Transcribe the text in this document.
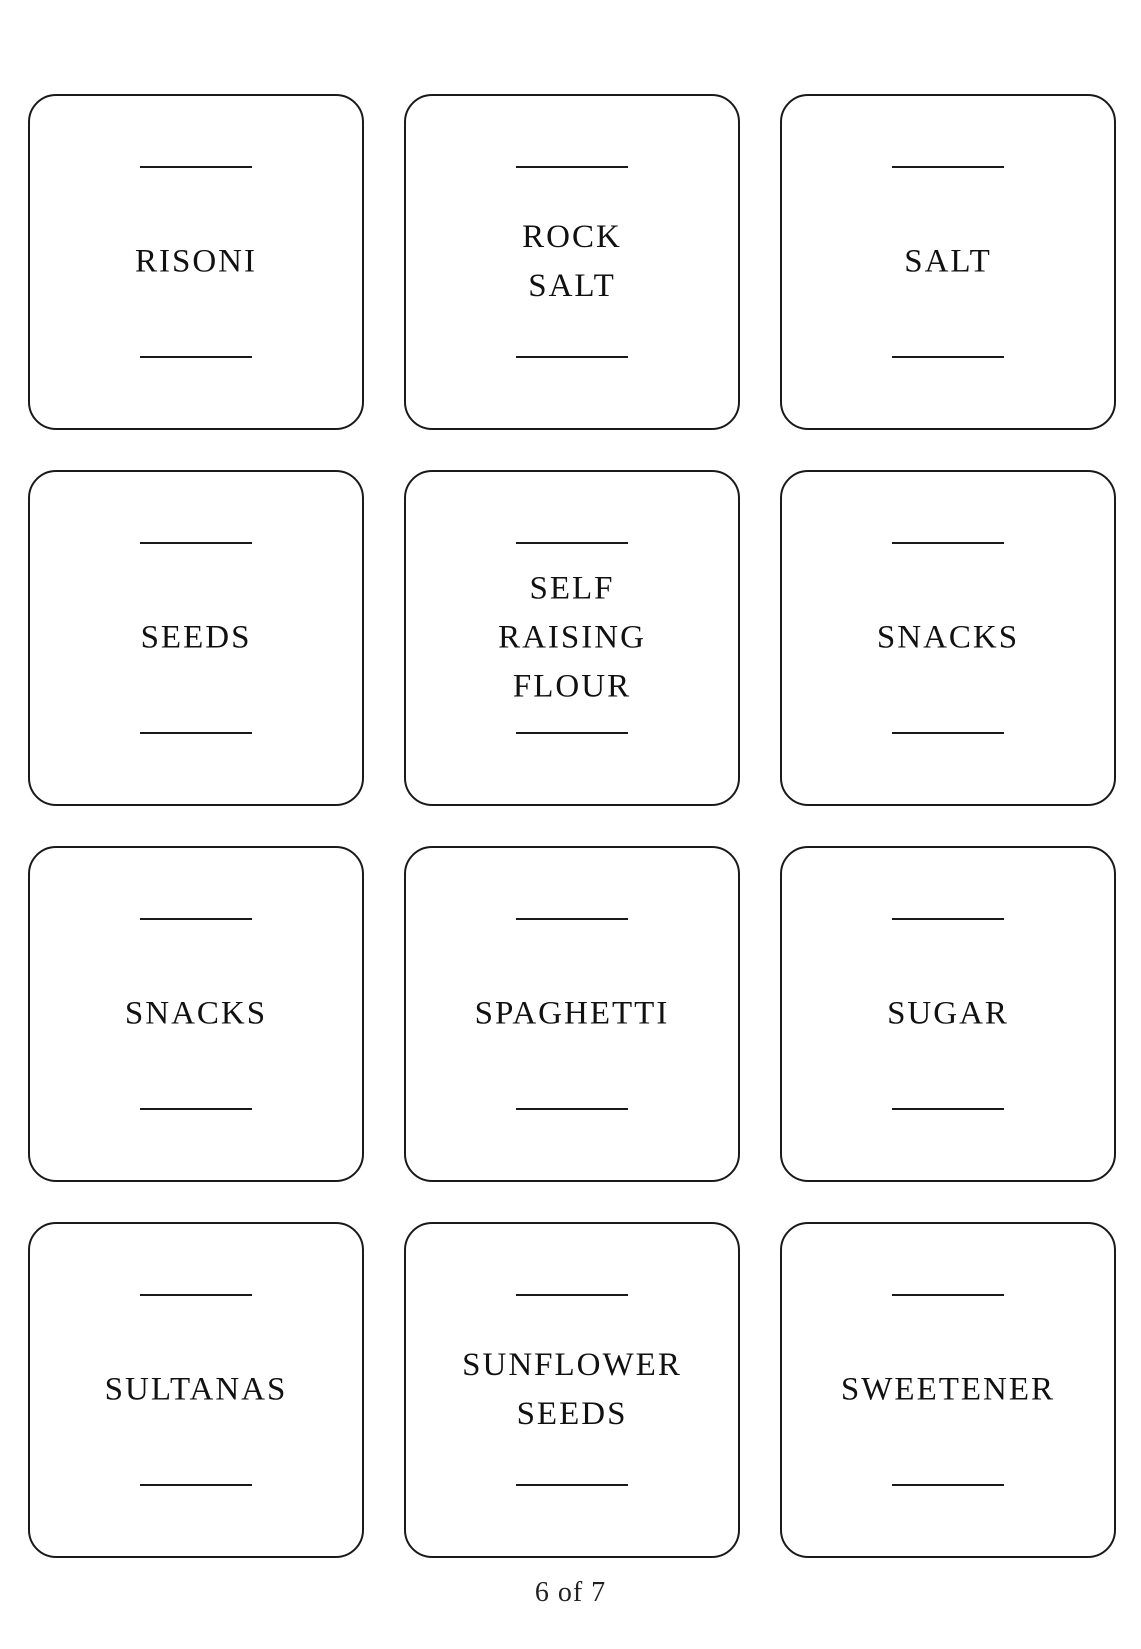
RISONI
ROCK
SALT
SALT
SEEDS
SELF
RAISING
FLOUR
SNACKS
SNACKS	SPAGHETTI	SUGAR
SULTANAS
SUNFLOWER
SEEDS
SWEETENER
6 of 7
